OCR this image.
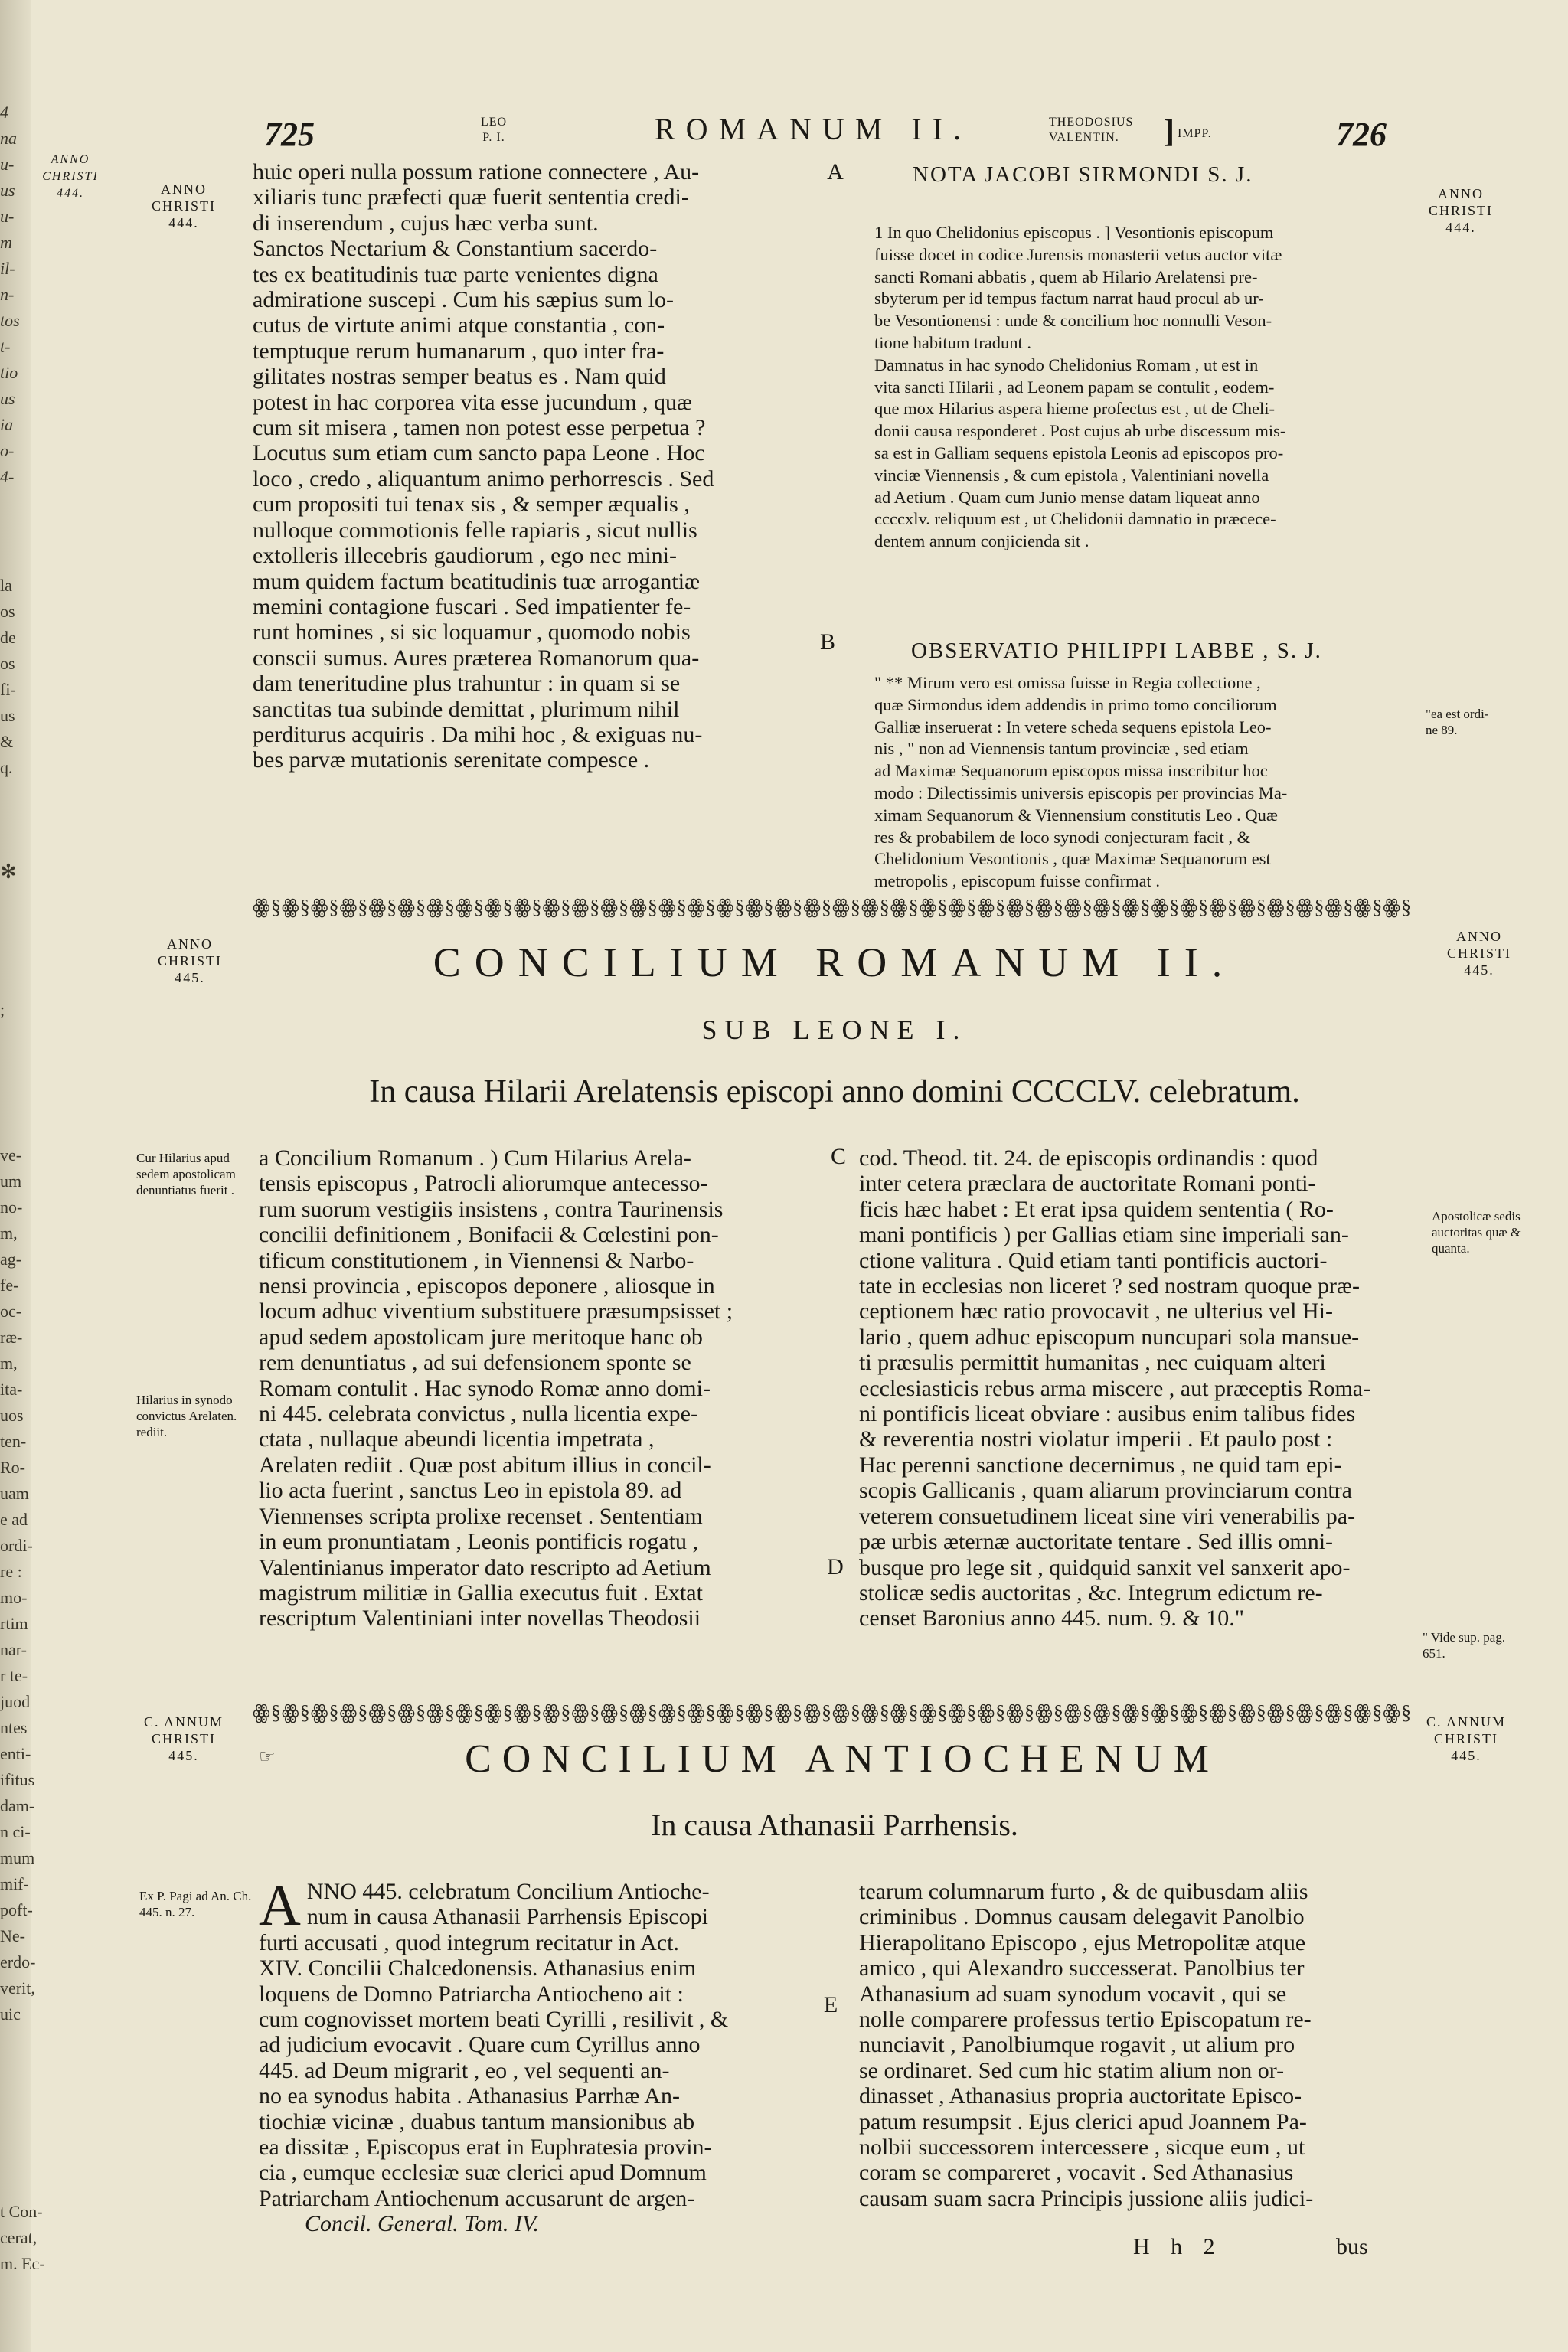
4
na
u-
us
u-
m
il-
n-
tos
t-
tio
us
ia
o-
4-
la
os
de
os
fi-
us
&
q.
✻
;
ve-
um
no-
m,
ag-
fe-
oc-
ræ-
m,
ita-
uos
ten-
Ro-
uam
e ad
ordi-
re :
mo-
rtim
nar-
r te-
juod
ntes
enti-
ifitus
dam-
n ci-
mum
mif-
poft-
Ne-
erdo-
verit,
uic
t Con-
cerat,
m. Ec-
725	LEO
P. I.	ROMANUM II.	THEODOSIUS
VALENTIN.	] IMPP.	726
ANNO
CHRISTI
444.	ANNO
CHRISTI
444.
ANNO
CHRISTI
444.
ANNO
CHRISTI
445.
ANNO
CHRISTI
445.
C. ANNUM
CHRISTI
445.
C. ANNUM
CHRISTI
445.
A
B
C
D
E

huic operi nulla possum ratione connectere , Au-

xiliaris tunc præfecti quæ fuerit sententia credi-

di inserendum , cujus hæc verba sunt.

Sanctos Nectarium & Constantium sacerdo-

tes ex beatitudinis tuæ parte venientes digna

admiratione suscepi . Cum his sæpius sum lo-

cutus de virtute animi atque constantia , con-

temptuque rerum humanarum , quo inter fra-

gilitates nostras semper beatus es . Nam quid

potest in hac corporea vita esse jucundum , quæ

cum sit misera , tamen non potest esse perpetua ?

Locutus sum etiam cum sancto papa Leone . Hoc

loco , credo , aliquantum animo perhorrescis . Sed

cum propositi tui tenax sis , & semper æqualis ,

nulloque commotionis felle rapiaris , sicut nullis

extolleris illecebris gaudiorum , ego nec mini-

mum quidem factum beatitudinis tuæ arrogantiæ

memini contagione fuscari . Sed impatienter fe-

runt homines , si sic loquamur , quomodo nobis

conscii sumus. Aures præterea Romanorum qua-

dam teneritudine plus trahuntur : in quam si se

sanctitas tua subinde demittat , plurimum nihil

perditurus acquiris . Da mihi hoc , & exiguas nu-

bes parvæ mutationis serenitate compesce .

NOTA JACOBI SIRMONDI S. J.

1 In quo Chelidonius episcopus . ] Vesontionis episcopum

fuisse docet in codice Jurensis monasterii vetus auctor vitæ

sancti Romani abbatis , quem ab Hilario Arelatensi pre-

sbyterum per id tempus factum narrat haud procul ab ur-

be Vesontionensi : unde & concilium hoc nonnulli Veson-

tione habitum tradunt .

Damnatus in hac synodo Chelidonius Romam , ut est in

vita sancti Hilarii , ad Leonem papam se contulit , eodem-

que mox Hilarius aspera hieme profectus est , ut de Cheli-

donii causa responderet . Post cujus ab urbe discessum mis-

sa est in Galliam sequens epistola Leonis ad episcopos pro-

vinciæ Viennensis , & cum epistola , Valentiniani novella

ad Aetium . Quam cum Junio mense datam liqueat anno

ccccxlv. reliquum est , ut Chelidonii damnatio in præcece-

dentem annum conjicienda sit .

OBSERVATIO PHILIPPI LABBE , S. J.

" ** Mirum vero est omissa fuisse in Regia collectione ,

quæ Sirmondus idem addendis in primo tomo conciliorum

Galliæ inseruerat : In vetere scheda sequens epistola Leo-

nis , " non ad Viennensis tantum provinciæ , sed etiam

ad Maximæ Sequanorum episcopos missa inscribitur hoc

modo : Dilectissimis universis episcopis per provincias Ma-

ximam Sequanorum & Viennensium constitutis Leo . Quæ

res & probabilem de loco synodi conjecturam facit , &

Chelidonium Vesontionis , quæ Maximæ Sequanorum est

metropolis , episcopum fuisse confirmat .

"ea est ordi- ne 89.
ꙮ§ꙮ§ꙮ§ꙮ§ꙮ§ꙮ§ꙮ§ꙮ§ꙮ§ꙮ§ꙮ§ꙮ§ꙮ§ꙮ§ꙮ§ꙮ§ꙮ§ꙮ§ꙮ§ꙮ§ꙮ§ꙮ§ꙮ§ꙮ§ꙮ§ꙮ§ꙮ§ꙮ§ꙮ§ꙮ§ꙮ§ꙮ§ꙮ§ꙮ§ꙮ§ꙮ§ꙮ§ꙮ§ꙮ§ꙮ§
CONCILIUM ROMANUM II.
SUB LEONE I.
In causa Hilarii Arelatensis episcopi anno domini CCCCLV. celebratum.
Cur Hilarius apud sedem apostolicam denuntiatus fuerit .
Hilarius in synodo convictus Arelaten. rediit.
Apostolicæ sedis auctoritas quæ & quanta.
" Vide sup. pag. 651.

a Concilium Romanum . ) Cum Hilarius Arela-

tensis episcopus , Patrocli aliorumque antecesso-

rum suorum vestigiis insistens , contra Taurinensis

concilii definitionem , Bonifacii & Cœlestini pon-

tificum constitutionem , in Viennensi & Narbo-

nensi provincia , episcopos deponere , aliosque in

locum adhuc viventium substituere præsumpsisset ;

apud sedem apostolicam jure meritoque hanc ob

rem denuntiatus , ad sui defensionem sponte se

Romam contulit . Hac synodo Romæ anno domi-

ni 445. celebrata convictus , nulla licentia expe-

ctata , nullaque abeundi licentia impetrata ,

Arelaten rediit . Quæ post abitum illius in concil-

lio acta fuerint , sanctus Leo in epistola 89. ad

Viennenses scripta prolixe recenset . Sententiam

in eum pronuntiatam , Leonis pontificis rogatu ,

Valentinianus imperator dato rescripto ad Aetium

magistrum militiæ in Gallia executus fuit . Extat

rescriptum Valentiniani inter novellas Theodosii

cod. Theod. tit. 24. de episcopis ordinandis : quod

inter cetera præclara de auctoritate Romani ponti-

ficis hæc habet : Et erat ipsa quidem sententia ( Ro-

mani pontificis ) per Gallias etiam sine imperiali san-

ctione valitura . Quid etiam tanti pontificis auctori-

tate in ecclesias non liceret ? sed nostram quoque præ-

ceptionem hæc ratio provocavit , ne ulterius vel Hi-

lario , quem adhuc episcopum nuncupari sola mansue-

ti præsulis permittit humanitas , nec cuiquam alteri

ecclesiasticis rebus arma miscere , aut præceptis Roma-

ni pontificis liceat obviare : ausibus enim talibus fides

& reverentia nostri violatur imperii . Et paulo post :

Hac perenni sanctione decernimus , ne quid tam epi-

scopis Gallicanis , quam aliarum provinciarum contra

veterem consuetudinem liceat sine viri venerabilis pa-

pæ urbis æternæ auctoritate tentare . Sed illis omni-

busque pro lege sit , quidquid sanxit vel sanxerit apo-

stolicæ sedis auctoritas , &c. Integrum edictum re-

censet Baronius anno 445. num. 9. & 10."

ꙮ§ꙮ§ꙮ§ꙮ§ꙮ§ꙮ§ꙮ§ꙮ§ꙮ§ꙮ§ꙮ§ꙮ§ꙮ§ꙮ§ꙮ§ꙮ§ꙮ§ꙮ§ꙮ§ꙮ§ꙮ§ꙮ§ꙮ§ꙮ§ꙮ§ꙮ§ꙮ§ꙮ§ꙮ§ꙮ§ꙮ§ꙮ§ꙮ§ꙮ§ꙮ§ꙮ§ꙮ§ꙮ§ꙮ§ꙮ§
☞	CONCILIUM ANTIOCHENUM
In causa Athanasii Parrhensis.
Ex P. Pagi ad An. Ch. 445. n. 27.	A NNO 445. celebratum Concilium Antioche-

num in causa Athanasii Parrhensis Episcopi

furti accusati , quod integrum recitatur in Act.

XIV. Concilii Chalcedonensis. Athanasius enim

loquens de Domno Patriarcha Antiocheno ait :

cum cognovisset mortem beati Cyrilli , resilivit , &

ad judicium evocavit . Quare cum Cyrillus anno

445. ad Deum migrarit , eo , vel sequenti an-

no ea synodus habita . Athanasius Parrhæ An-

tiochiæ vicinæ , duabus tantum mansionibus ab

ea dissitæ , Episcopus erat in Euphratesia provin-

cia , eumque ecclesiæ suæ clerici apud Domnum

Patriarcham Antiochenum accusarunt de argen-

Concil. General. Tom. IV.

tearum columnarum furto , & de quibusdam aliis

criminibus . Domnus causam delegavit Panolbio

Hierapolitano Episcopo , ejus Metropolitæ atque

amico , qui Alexandro successerat. Panolbius ter

Athanasium ad suam synodum vocavit , qui se

nolle comparere professus tertio Episcopatum re-

nunciavit , Panolbiumque rogavit , ut alium pro

se ordinaret. Sed cum hic statim alium non or-

dinasset , Athanasius propria auctoritate Episco-

patum resumpsit . Ejus clerici apud Joannem Pa-

nolbii successorem intercessere , sicque eum , ut

coram se compareret , vocavit . Sed Athanasius

causam suam sacra Principis jussione aliis judici-

H h 2	bus
